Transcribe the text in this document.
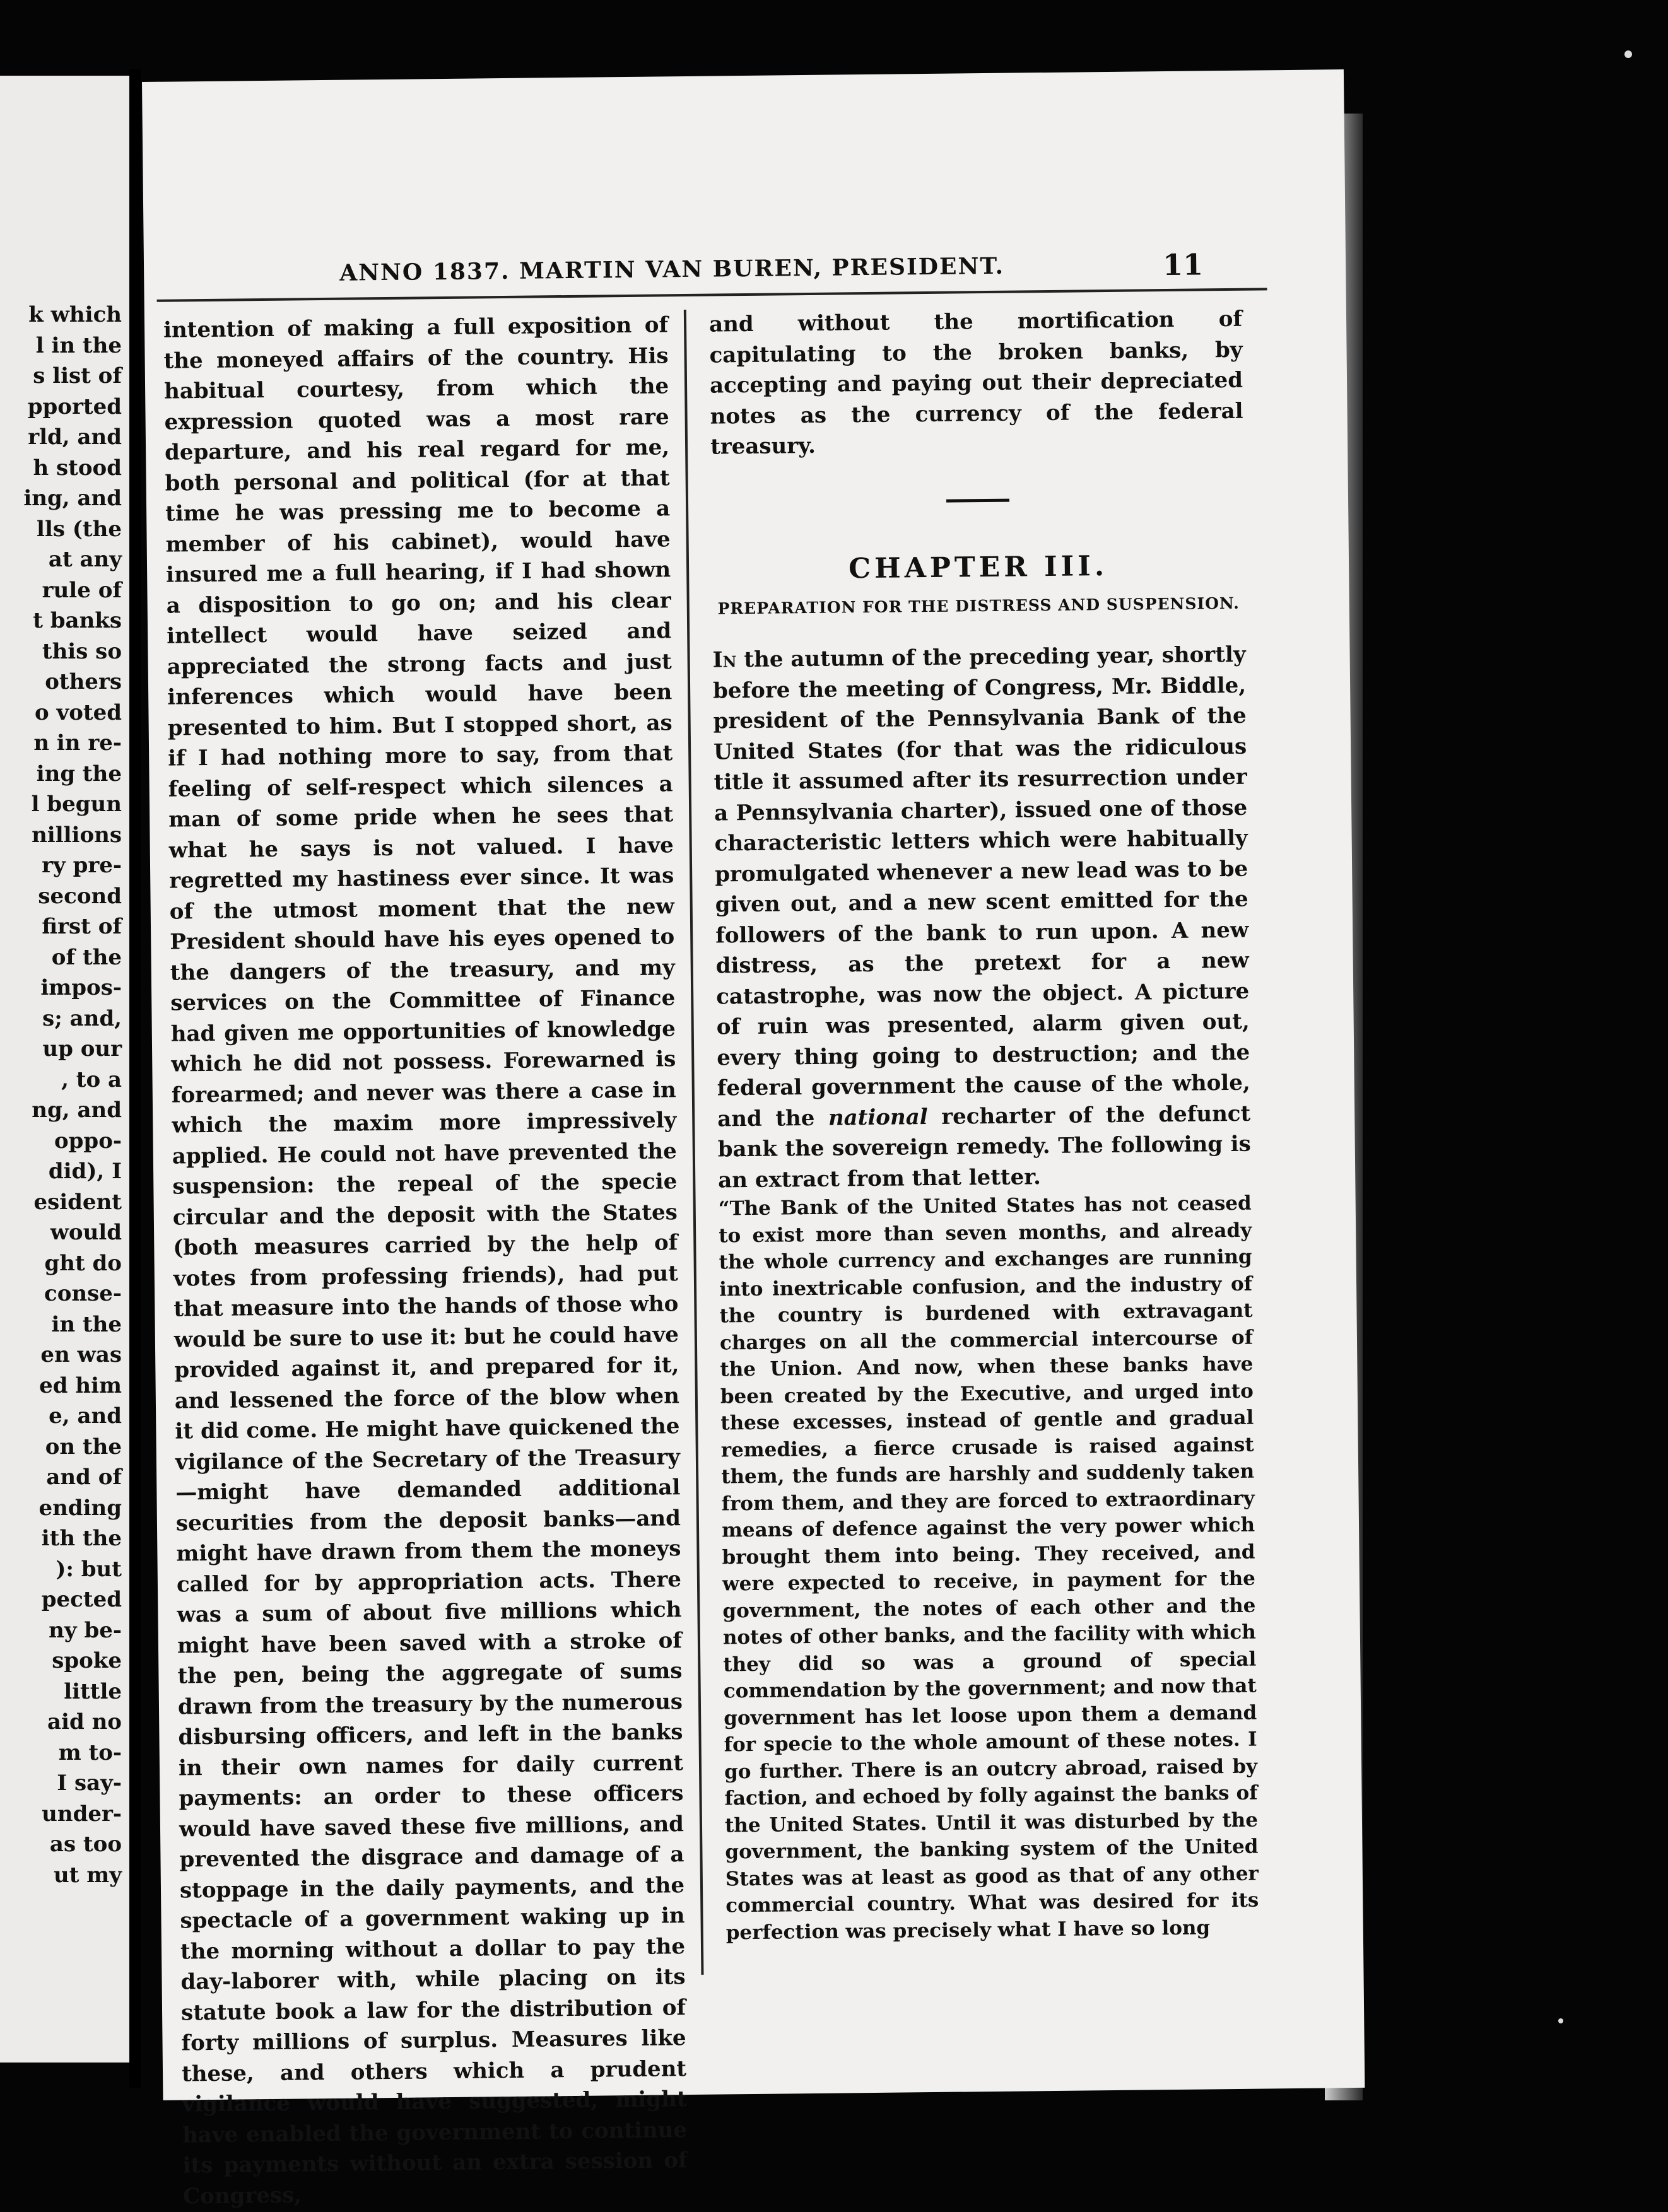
k which
l in the
s list of
pported
rld, and
h stood
ing, and
lls (the
at any
rule of
t banks
this so
others
o voted
n in re-
ing the
l begun
nillions
ry pre-
second
first of
of the
impos-
s; and,
up our
, to a
ng, and
oppo-
did), I
esident
would
ght do
conse-
in the
en was
ed him
e, and
on the
and of
ending
ith the
): but
pected
ny be-
spoke
little
aid no
m to-
I say-
under-
as too
ut my
ANNO 1837. MARTIN VAN BUREN, PRESIDENT.	11

intention of making a full exposition of the moneyed affairs of the country. His habitual courtesy, from which the expression quoted was a most rare departure, and his real regard for me, both personal and political (for at that time he was pressing me to become a member of his cabinet), would have insured me a full hearing, if I had shown a disposition to go on; and his clear intellect would have seized and appreciated the strong facts and just inferences which would have been presented to him. But I stopped short, as if I had nothing more to say, from that feeling of self-respect which silences a man of some pride when he sees that what he says is not valued. I have regretted my hastiness ever since. It was of the utmost moment that the new President should have his eyes opened to the dangers of the treasury, and my services on the Committee of Finance had given me opportunities of knowledge which he did not possess. Forewarned is forearmed; and never was there a case in which the maxim more impressively applied. He could not have prevented the suspension: the repeal of the specie circular and the deposit with the States (both measures carried by the help of votes from professing friends), had put that measure into the hands of those who would be sure to use it: but he could have provided against it, and prepared for it, and lessened the force of the blow when it did come. He might have quickened the vigilance of the Secretary of the Treasury—might have demanded additional securities from the deposit banks—and might have drawn from them the moneys called for by appropriation acts. There was a sum of about five millions which might have been saved with a stroke of the pen, being the aggregate of sums drawn from the treasury by the numerous disbursing officers, and left in the banks in their own names for daily current payments: an order to these officers would have saved these five millions, and prevented the disgrace and damage of a stoppage in the daily payments, and the spectacle of a government waking up in the morning without a dollar to pay the day-laborer with, while placing on its statute book a law for the distribution of forty millions of surplus. Measures like these, and others which a prudent vigilance would have suggested, might have enabled the government to continue its payments without an extra session of Congress,

and without the mortification of capitulating to the broken banks, by accepting and paying out their depreciated notes as the currency of the federal treasury.

CHAPTER III.
PREPARATION FOR THE DISTRESS AND SUSPENSION.

In the autumn of the preceding year, shortly before the meeting of Congress, Mr. Biddle, president of the Pennsylvania Bank of the United States (for that was the ridiculous title it assumed after its resurrection under a Pennsylvania charter), issued one of those characteristic letters which were habitually promulgated whenever a new lead was to be given out, and a new scent emitted for the followers of the bank to run upon. A new distress, as the pretext for a new catastrophe, was now the object. A picture of ruin was presented, alarm given out, every thing going to destruction; and the federal government the cause of the whole, and the national recharter of the defunct bank the sovereign remedy. The following is an extract from that letter.

“The Bank of the United States has not ceased to exist more than seven months, and already the whole currency and exchanges are running into inextricable confusion, and the industry of the country is burdened with extravagant charges on all the commercial intercourse of the Union. And now, when these banks have been created by the Executive, and urged into these excesses, instead of gentle and gradual remedies, a fierce crusade is raised against them, the funds are harshly and suddenly taken from them, and they are forced to extraordinary means of defence against the very power which brought them into being. They received, and were expected to receive, in payment for the government, the notes of each other and the notes of other banks, and the facility with which they did so was a ground of special commendation by the government; and now that government has let loose upon them a demand for specie to the whole amount of these notes. I go further. There is an outcry abroad, raised by faction, and echoed by folly against the banks of the United States. Until it was disturbed by the government, the banking system of the United States was at least as good as that of any other commercial country. What was desired for its perfection was precisely what I have so long
